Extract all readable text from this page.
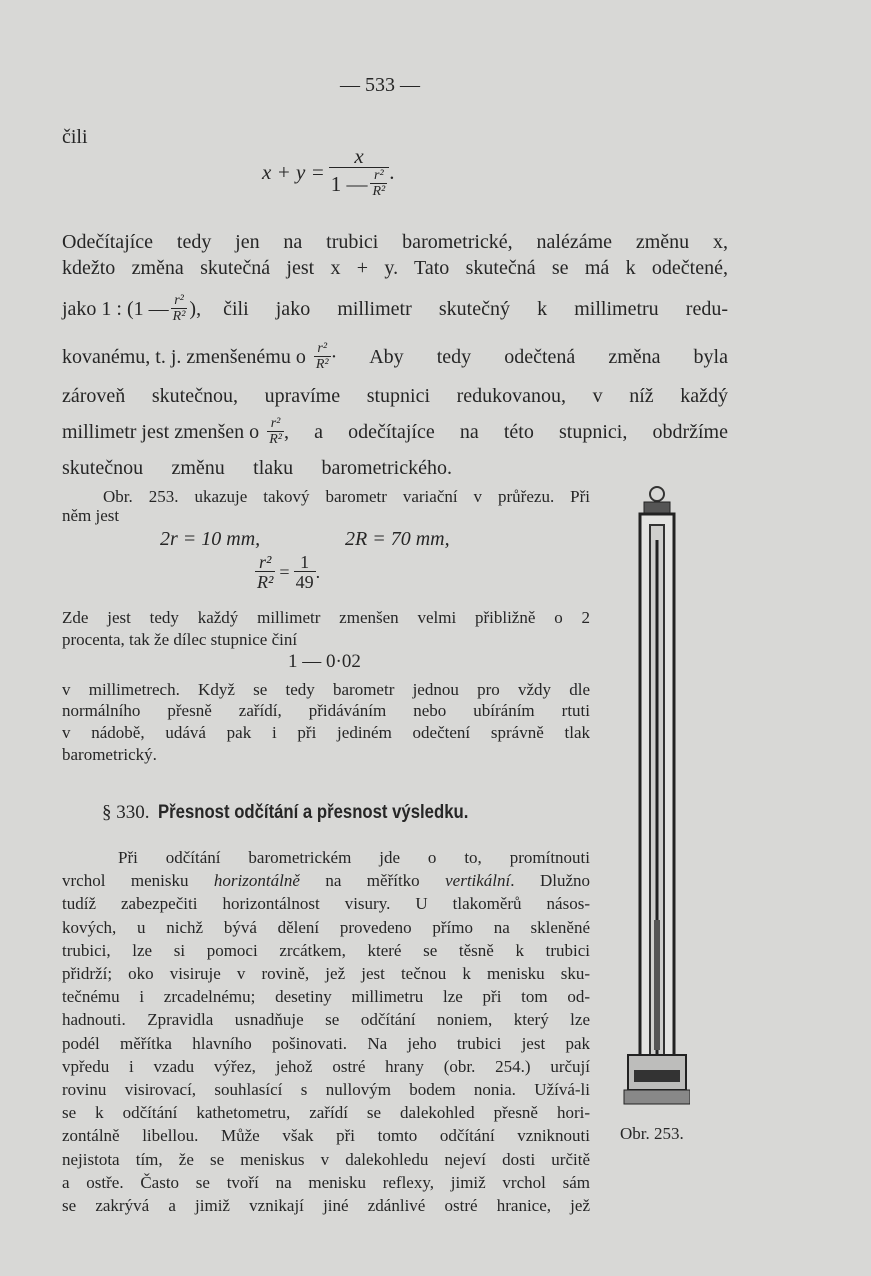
— 533 —
čili
$x + y = \frac{x}{1 — \frac{\text{r²}}{\text{R²}}}$ .
Odečítajíce tedy jen na trubici barometrické, nalézáme změnu x,
kdežto změna skutečná jest x + y. Tato skutečná se má k odečtené,
jako 1 : (1 — $\frac{\text{r²}}{\text{R²}}$ ), čili jako millimetr skutečný k millimetru redu-
kovanému, t. j. zmenšenému o $\frac{\text{r²}}{\text{R²}}$ · Aby tedy odečtená změna byla
zároveň skutečnou, upravíme stupnici redukovanou, v níž každý
millimetr jest zmenšen o $\frac{\text{r²}}{\text{R²}}$ , a odečítajíce na této stupnici, obdržíme
skutečnou změnu tlaku barometrického.
Obr. 253. ukazuje takový barometr variační v průřezu. Při
něm jest
2r = 10 mm,	2R = 70 mm,
$\frac{\text{r²}}{\text{R²}} = \frac{1}{49}$ .
Zde jest tedy každý millimetr zmenšen velmi přibližně o 2
procenta, tak že dílec stupnice činí
1 — 0·02
v millimetrech. Když se tedy barometr jednou pro vždy dle
normálního přesně zařídí, přidáváním nebo ubíráním rtuti
v nádobě, udává pak i při jediném odečtení správně tlak
barometrický.
§ 330. Přesnost odčítání a přesnost výsledku.
Při odčítání barometrickém jde o to, promítnouti
vrchol menisku horizontálně na měřítko vertikální. Dlužno
tudíž zabezpečiti horizontálnost visury. U tlakoměrů násos-
kových, u nichž bývá dělení provedeno přímo na skleněné
trubici, lze si pomoci zrcátkem, které se těsně k trubici
přidrží; oko visiruje v rovině, jež jest tečnou k menisku sku-
tečnému i zrcadelnému; desetiny millimetru lze při tom od-
hadnouti. Zpravidla usnadňuje se odčítání noniem, který lze
podél měřítka hlavního pošinovati. Na jeho trubici jest pak
vpředu i vzadu výřez, jehož ostré hrany (obr. 254.) určují
rovinu visirovací, souhlasící s nullovým bodem nonia. Užívá-li
se k odčítání kathetometru, zařídí se dalekohled přesně hori-
zontálně libellou. Může však při tomto odčítání vzniknouti
nejistota tím, že se meniskus v dalekohledu nejeví dosti určitě
a ostře. Často se tvoří na menisku reflexy, jimiž vrchol sám
se zakrývá a jimiž vznikají jiné zdánlivé ostré hranice, jež
Obr. 253.
